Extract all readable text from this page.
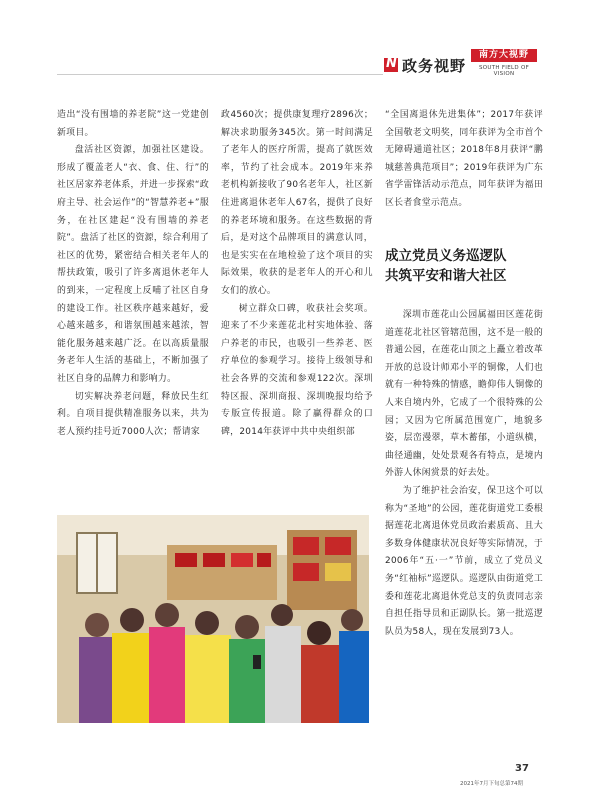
N 政务视野
南方大视野
SOUTH FIELD OF VISION

造出“没有围墙的养老院”这一党建创新项目。

盘活社区资源，加强社区建设。形成了覆盖老人“衣、食、住、行”的社区居家养老体系，并进一步探索“政府主导、社会运作”的“智慧养老+”服务，在社区建起“没有围墙的养老院”。盘活了社区的资源，综合利用了社区的优势，紧密结合相关老年人的帮扶政策，吸引了许多离退休老年人的到来，一定程度上反哺了社区自身的建设工作。社区秩序越来越好，爱心越来越多，和谐氛围越来越浓，智能化服务越来越广泛。在以高质量服务老年人生活的基础上，不断加强了社区自身的品牌力和影响力。

切实解决养老问题，释放民生红利。自项目提供精准服务以来，共为老人预约挂号近7000人次；帮请家

政4560次；提供康复理疗2896次；解决求助服务345次。第一时间满足了老年人的医疗所需，提高了就医效率，节约了社会成本。2019年来养老机构新接收了90名老年人，社区新住进离退休老年人67名，提供了良好的养老环境和服务。在这些数据的背后，是对这个品牌项目的满意认同，也是实实在在地检验了这个项目的实际效果，收获的是老年人的开心和儿女们的放心。

树立群众口碑，收获社会奖项。迎来了不少来莲花北村实地体验、落户养老的市民，也吸引一些养老、医疗单位的参观学习。接待上级领导和社会各界的交流和参观122次。深圳特区报、深圳商报、深圳晚报均给予专版宣传报道。除了赢得群众的口碑，2014年获评中共中央组织部

“全国离退休先进集体”；2017年获评全国敬老文明奖，同年获评为全市首个无障碍通道社区；2018年8月获评“鹏城慈善典范项目”；2019年获评为广东省学雷锋活动示范点，同年获评为福田区长者食堂示范点。

成立党员义务巡逻队
共筑平安和谐大社区

深圳市莲花山公园属福田区莲花街道莲花北社区管辖范围，这不是一般的普通公园，在莲花山顶之上矗立着改革开放的总设计师邓小平的铜像，人们也就有一种特殊的情感，瞻仰伟人铜像的人来自境内外，它成了一个很特殊的公园；又因为它所属范围宽广，地貌多姿，层峦漫翠，草木蓄郁，小道纵横，曲径通幽，处处景观各有特点，是境内外游人休闲赏景的好去处。

为了维护社会治安，保卫这个可以称为“圣地”的公园，莲花街道党工委根据莲花北离退休党员政治素质高、且大多数身体健康状况良好等实际情况，于2006年“五·一”节前，成立了党员义务“红袖标”巡逻队。巡逻队由街道党工委和莲花北离退休党总支的负责同志亲自担任指导员和正副队长。第一批巡逻队员为58人，现在发展到73人。

37
2021年7月下旬总第74期
